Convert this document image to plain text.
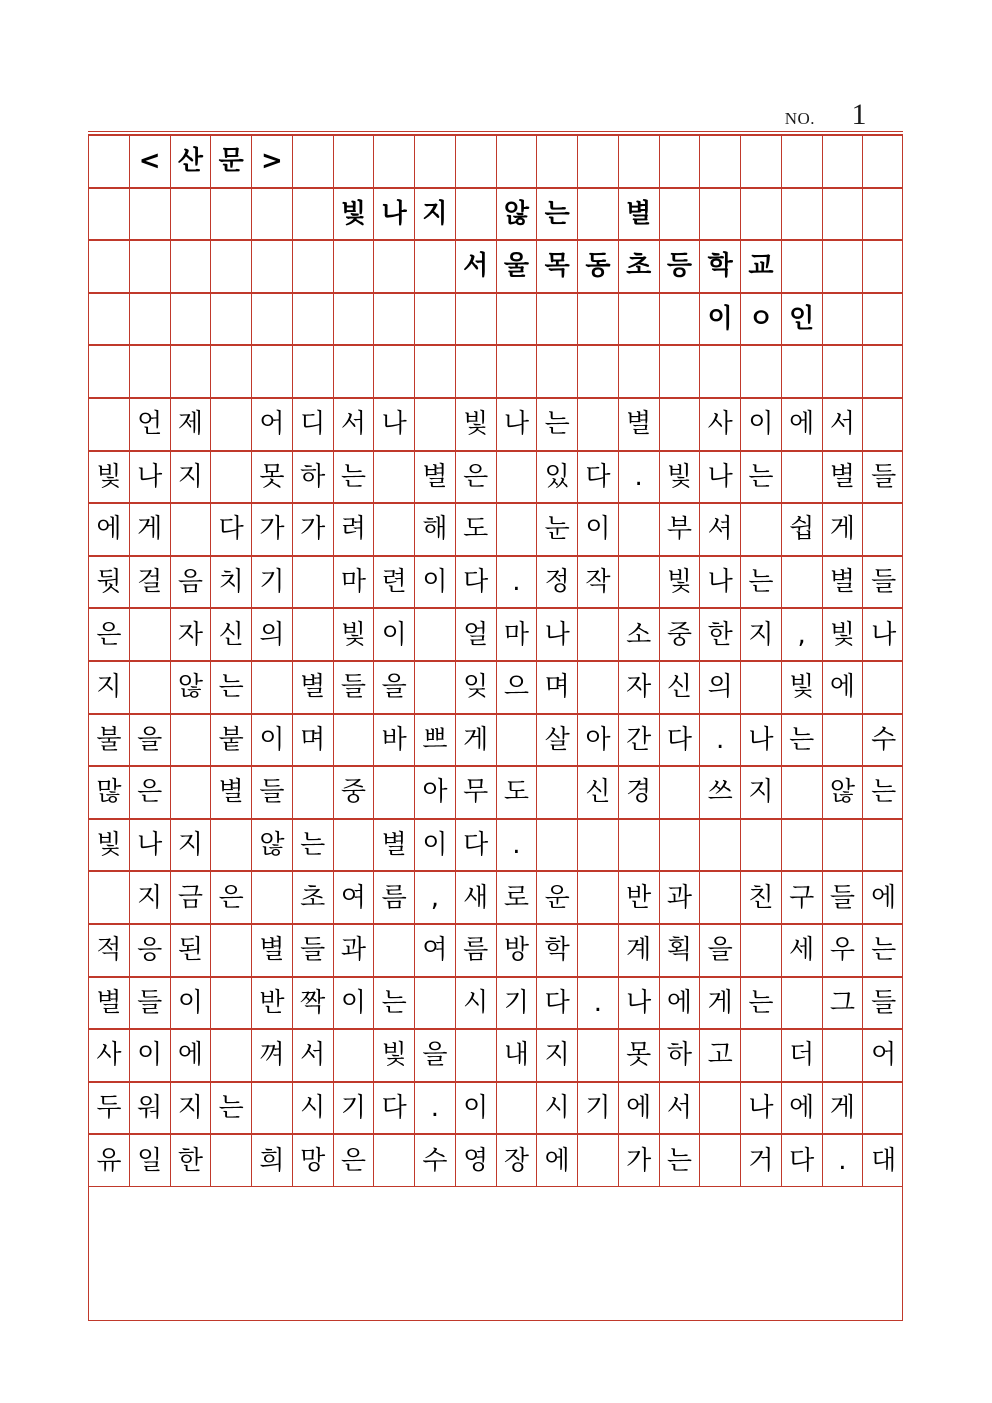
NO.	1
< 산 문 >
빛 나 지	않 는	별
서 울 목 동 초 등 학 교
이 ㅇ 인
언 제	어 디 서 나	빛 나 는	별	사 이 에 서
빛 나 지	못 하 는	별 은	있 다 . 빛 나 는	별 들
에 게	다 가 가 려	해 도	눈 이	부 셔	쉽 게
뒷 걸 음 치 기	마 련 이 다 . 정 작	빛 나 는	별 들
은	자 신 의	빛 이	얼 마 나	소 중 한 지 , 빛 나
지	않 는	별 들 을	잊 으 며	자 신 의	빛 에
불 을	붙 이 며	바 쁘 게	살 아 간 다 . 나 는	수
많 은	별 들	중	아 무 도	신 경	쓰 지	않 는
빛 나 지	않 는	별 이 다 .
지 금 은	초 여 름 , 새 로 운	반 과	친 구 들 에
적 응 된	별 들 과	여 름 방 학	계 획 을	세 우 는
별 들 이	반 짝 이 는	시 기 다 . 나 에 게 는	그 들
사 이 에	껴 서	빛 을	내 지	못 하 고	더	어
두 워 지 는	시 기 다 . 이	시 기 에 서	나 에 게
유 일 한	희 망 은	수 영 장 에	가 는	거 다 . 대
